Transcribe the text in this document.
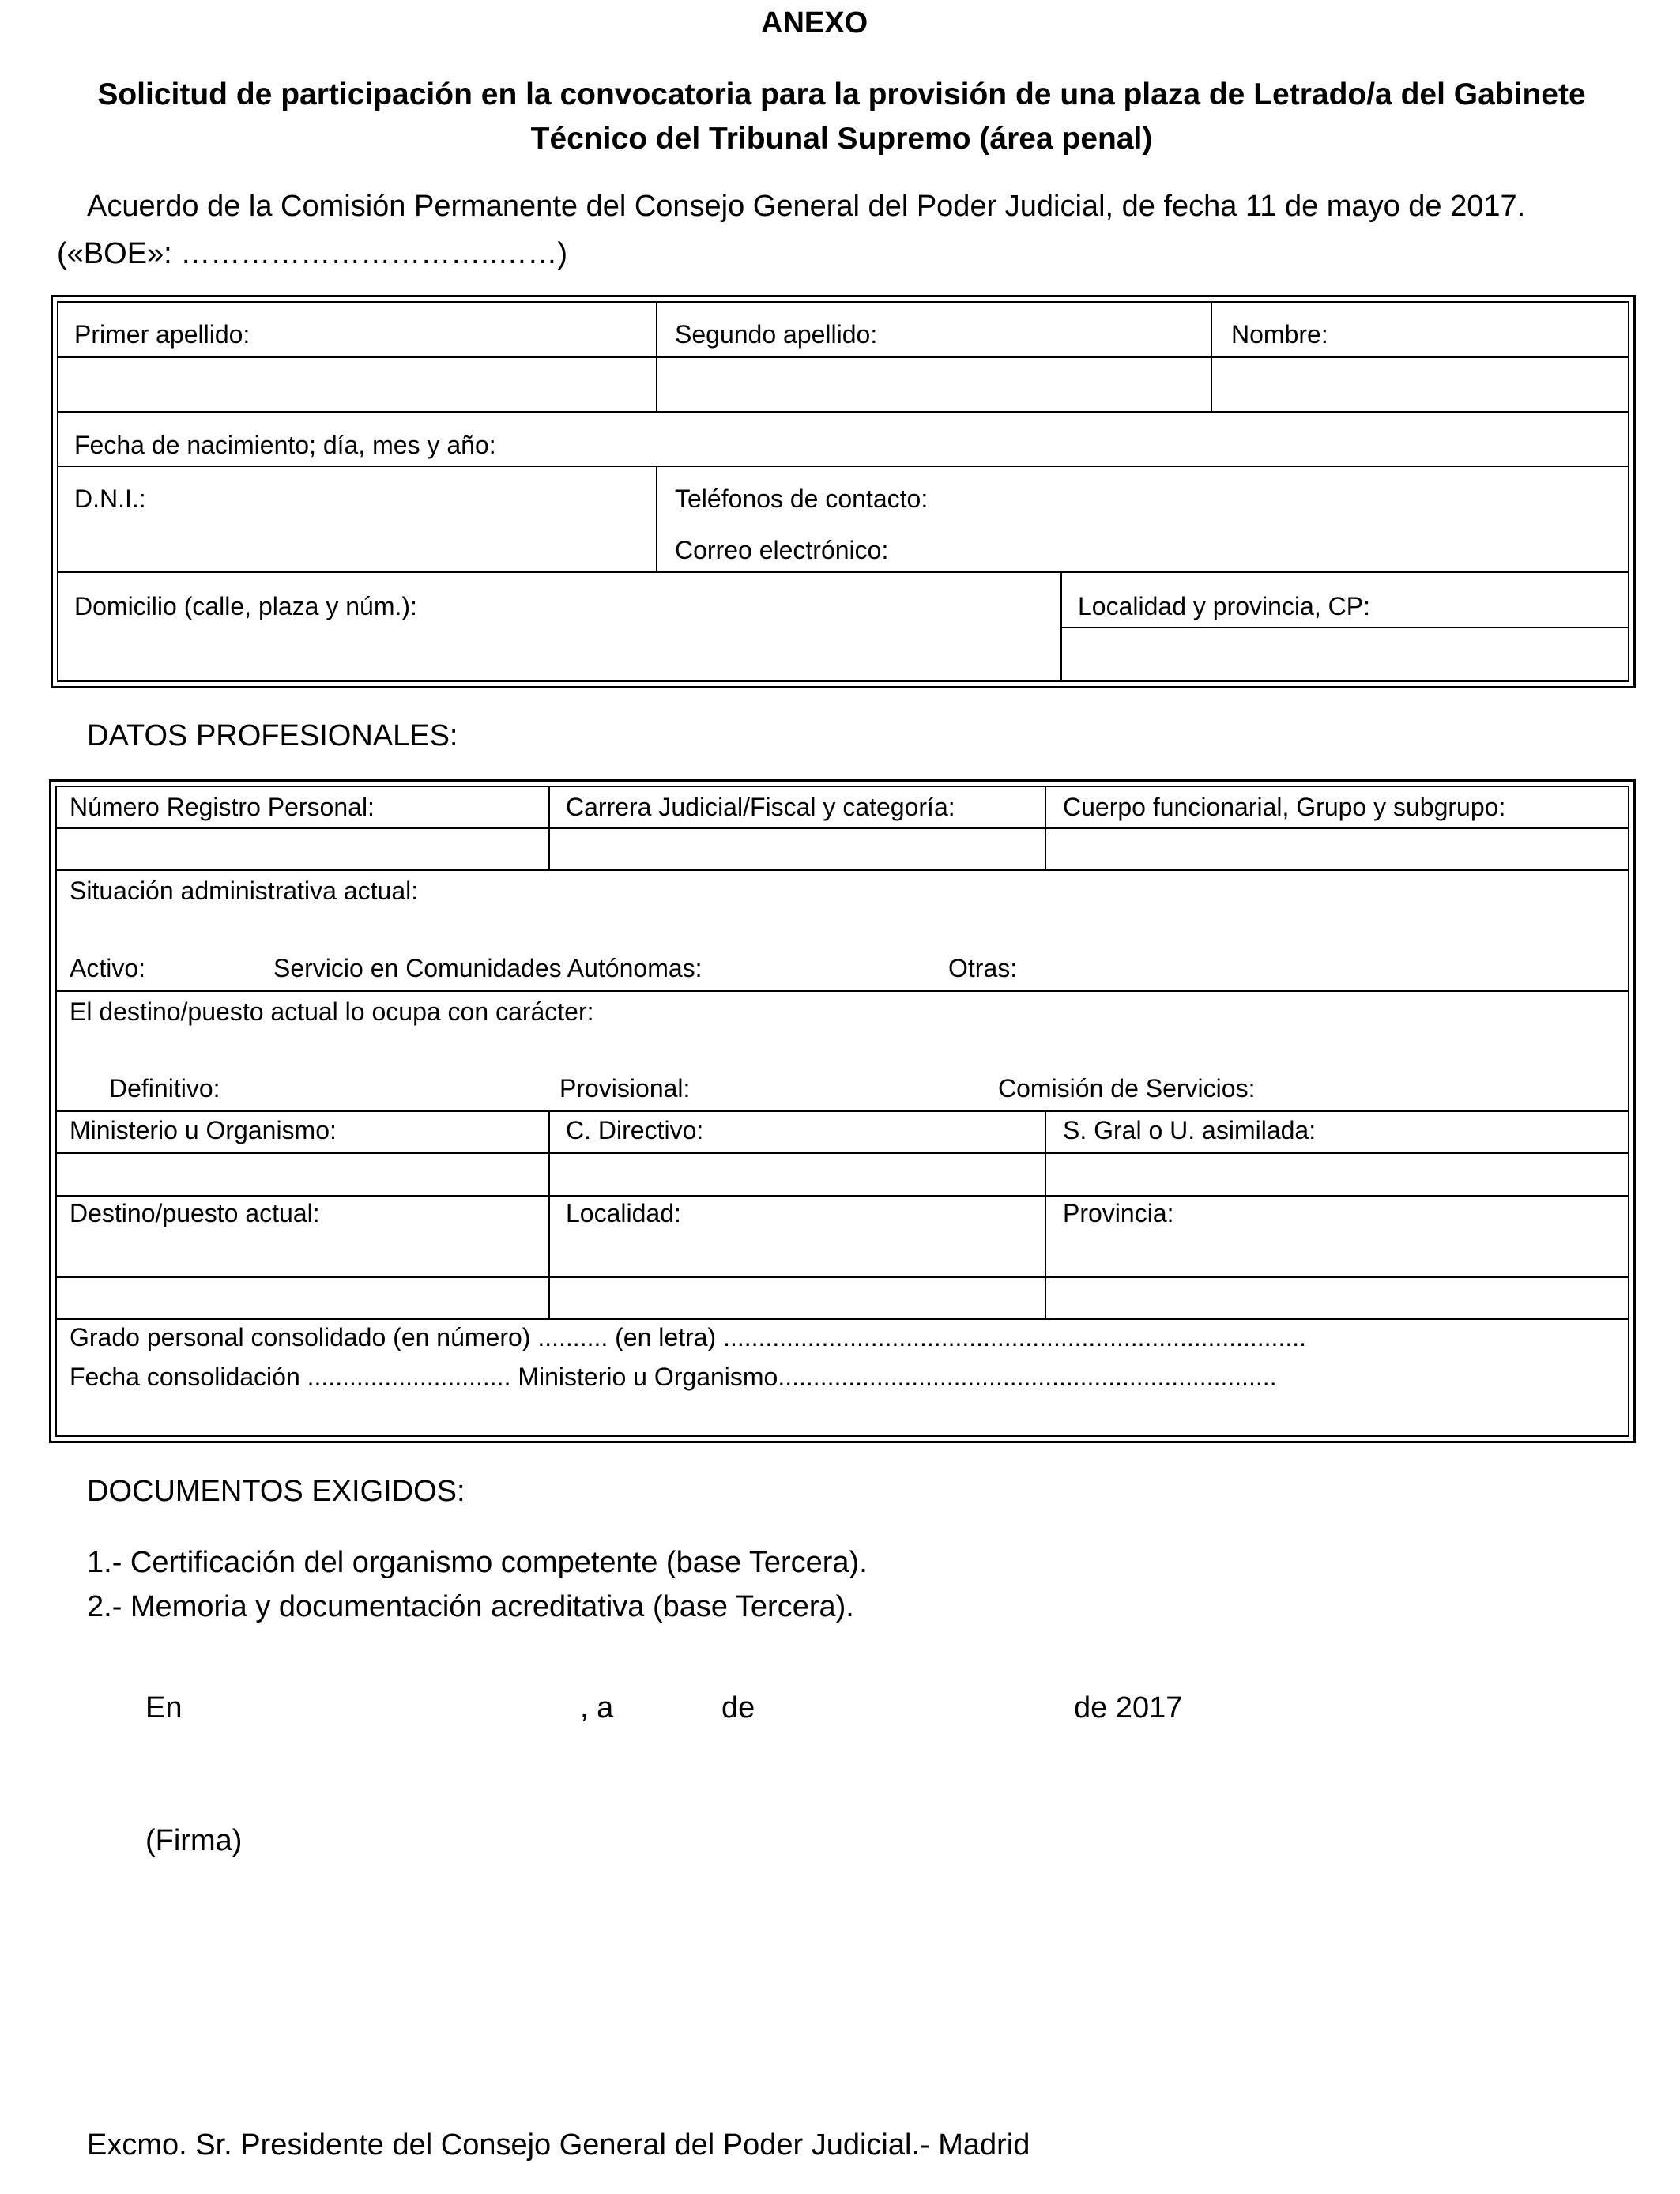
ANEXO
Solicitud de participación en la convocatoria para la provisión de una plaza de Letrado/a del Gabinete
Técnico del Tribunal Supremo (área penal)
Acuerdo de la Comisión Permanente del Consejo General del Poder Judicial, de fecha 11 de mayo de 2017.
(«BOE»: …………………………..……)
Primer apellido:	Segundo apellido:	Nombre:
Fecha de nacimiento; día, mes y año:
D.N.I.:	Teléfonos de contacto:
Correo electrónico:
Domicilio (calle, plaza y núm.):	Localidad y provincia, CP:
DATOS PROFESIONALES:
Número Registro Personal:	Carrera Judicial/Fiscal y categoría:	Cuerpo funcionarial, Grupo y subgrupo:
Situación administrativa actual:
Activo:	Servicio en Comunidades Autónomas:	Otras:
El destino/puesto actual lo ocupa con carácter:
Definitivo:	Provisional:	Comisión de Servicios:
Ministerio u Organismo:	C. Directivo:	S. Gral o U. asimilada:
Destino/puesto actual:	Localidad:	Provincia:
Grado personal consolidado (en número) .......... (en letra) ...................................................................................
Fecha consolidación ............................. Ministerio u Organismo.......................................................................
DOCUMENTOS EXIGIDOS:
1.- Certificación del organismo competente (base Tercera).
2.- Memoria y documentación acreditativa (base Tercera).
En	, a	de	de 2017
(Firma)
Excmo. Sr. Presidente del Consejo General del Poder Judicial.- Madrid
